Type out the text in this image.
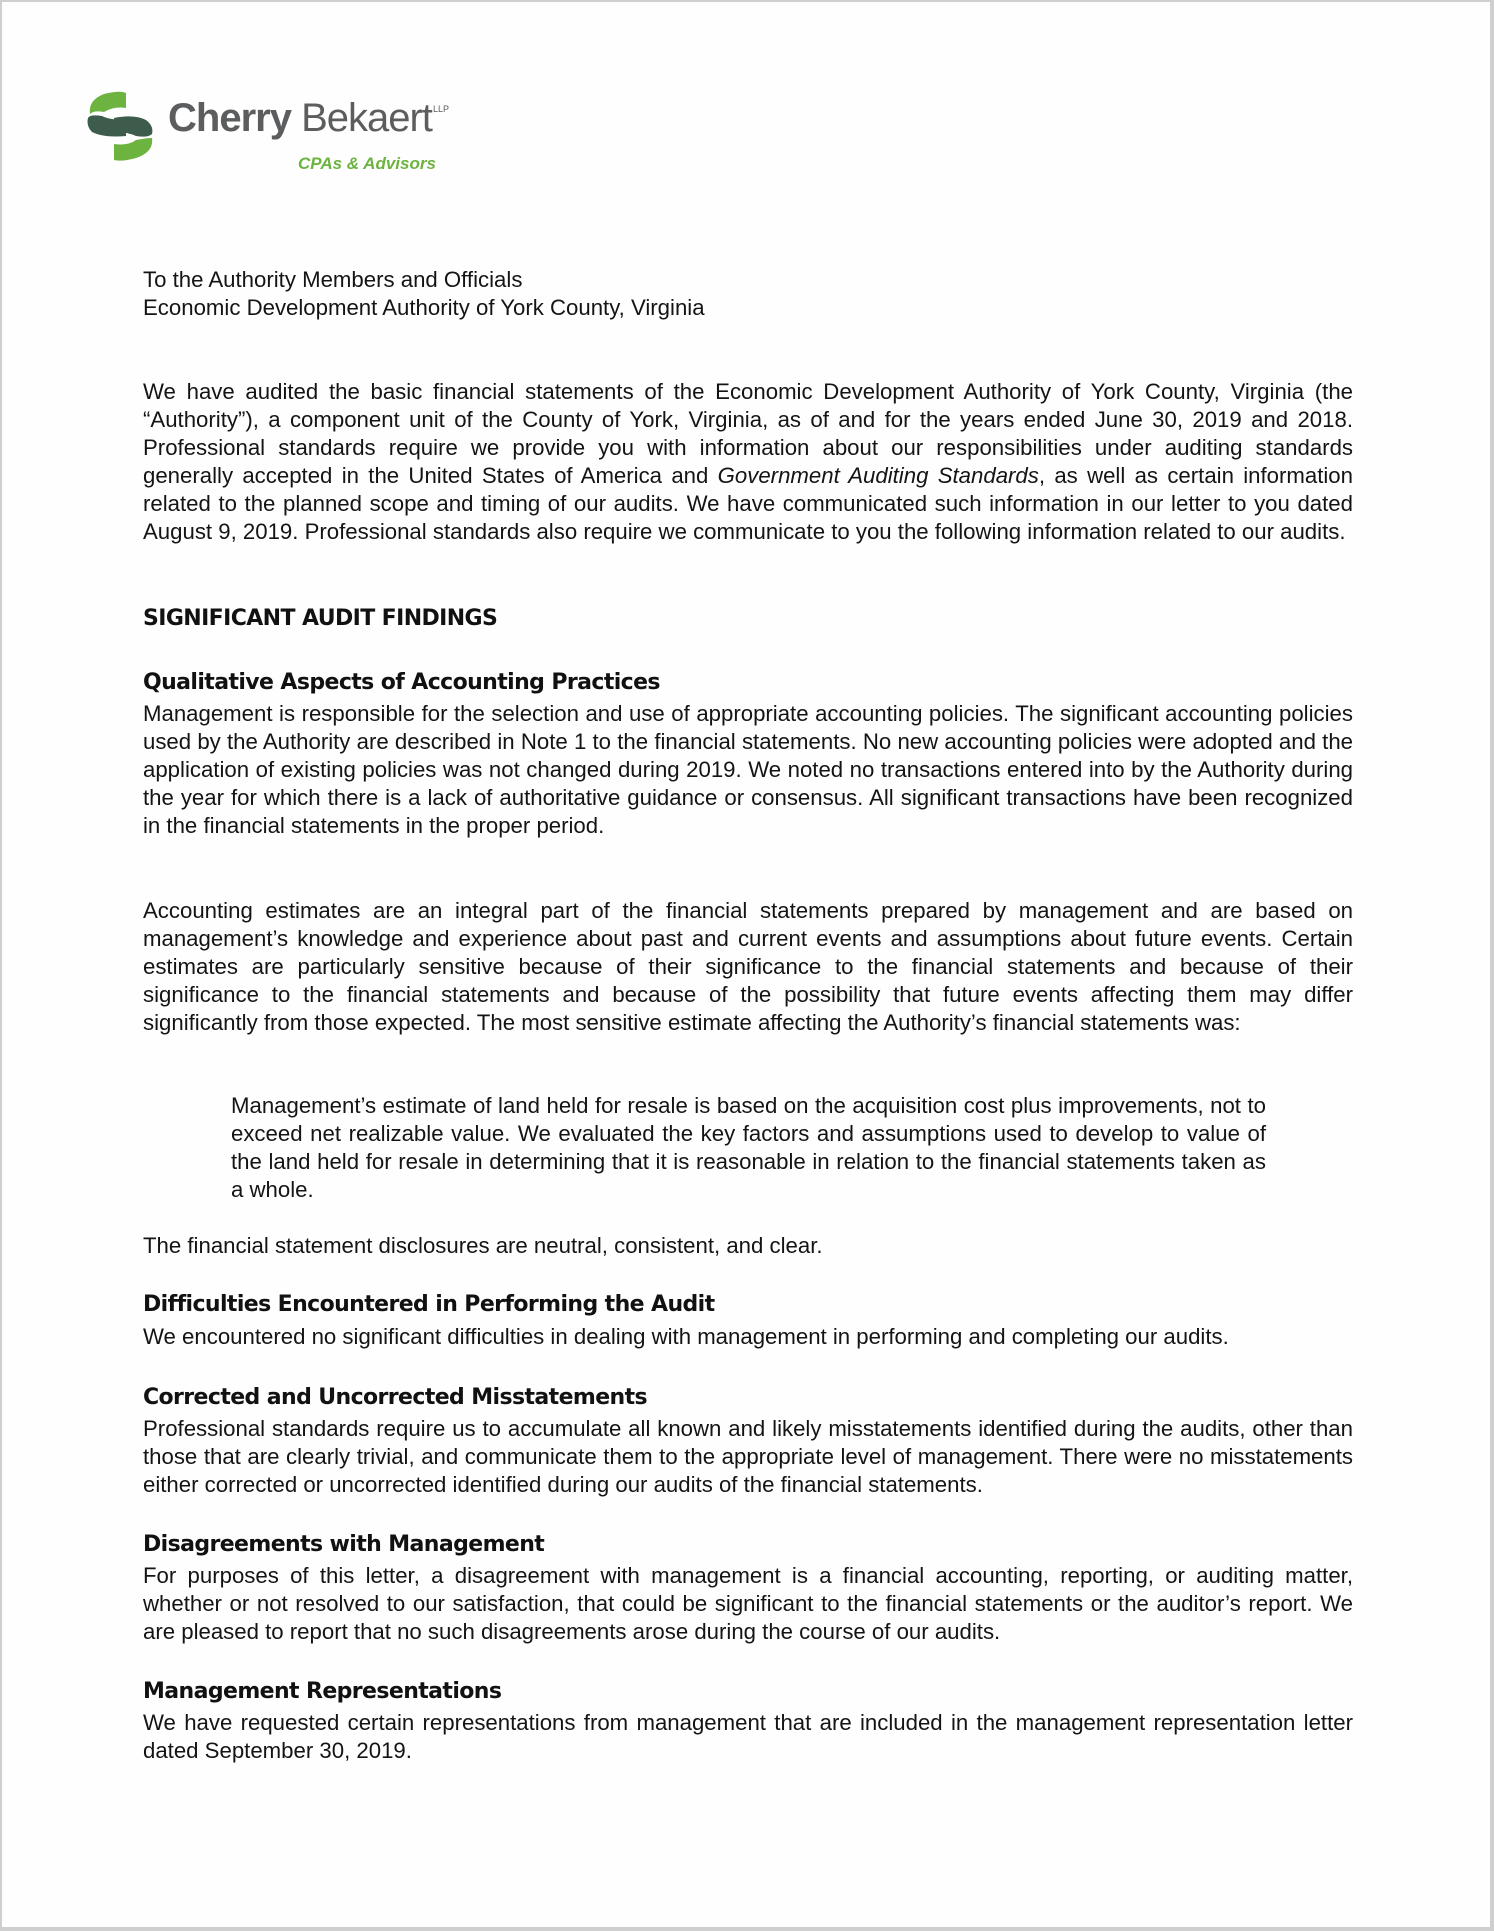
Cherry Bekaert LLP
CPAs & Advisors
To the Authority Members and Officials
Economic Development Authority of York County, Virginia

We have audited the basic financial statements of the Economic Development Authority of York County, Virginia (the “Authority”), a component unit of the County of York, Virginia, as of and for the years ended June 30, 2019 and 2018. Professional standards require we provide you with information about our responsibilities under auditing standards generally accepted in the United States of America and Government Auditing Standards, as well as certain information related to the planned scope and timing of our audits. We have communicated such information in our letter to you dated August 9, 2019. Professional standards also require we communicate to you the following information related to our audits.

SIGNIFICANT AUDIT FINDINGS
Qualitative Aspects of Accounting Practices

Management is responsible for the selection and use of appropriate accounting policies. The significant accounting policies used by the Authority are described in Note 1 to the financial statements. No new accounting policies were adopted and the application of existing policies was not changed during 2019. We noted no transactions entered into by the Authority during the year for which there is a lack of authoritative guidance or consensus. All significant transactions have been recognized in the financial statements in the proper period.

Accounting estimates are an integral part of the financial statements prepared by management and are based on management’s knowledge and experience about past and current events and assumptions about future events. Certain estimates are particularly sensitive because of their significance to the financial statements and because of their significance to the financial statements and because of the possibility that future events affecting them may differ significantly from those expected. The most sensitive estimate affecting the Authority’s financial statements was:

Management’s estimate of land held for resale is based on the acquisition cost plus improvements, not to exceed net realizable value. We evaluated the key factors and assumptions used to develop to value of the land held for resale in determining that it is reasonable in relation to the financial statements taken as a whole.

The financial statement disclosures are neutral, consistent, and clear.

Difficulties Encountered in Performing the Audit

We encountered no significant difficulties in dealing with management in performing and completing our audits.

Corrected and Uncorrected Misstatements

Professional standards require us to accumulate all known and likely misstatements identified during the audits, other than those that are clearly trivial, and communicate them to the appropriate level of management. There were no misstatements either corrected or uncorrected identified during our audits of the financial statements.

Disagreements with Management

For purposes of this letter, a disagreement with management is a financial accounting, reporting, or auditing matter, whether or not resolved to our satisfaction, that could be significant to the financial statements or the auditor’s report. We are pleased to report that no such disagreements arose during the course of our audits.

Management Representations

We have requested certain representations from management that are included in the management representation letter dated September 30, 2019.
